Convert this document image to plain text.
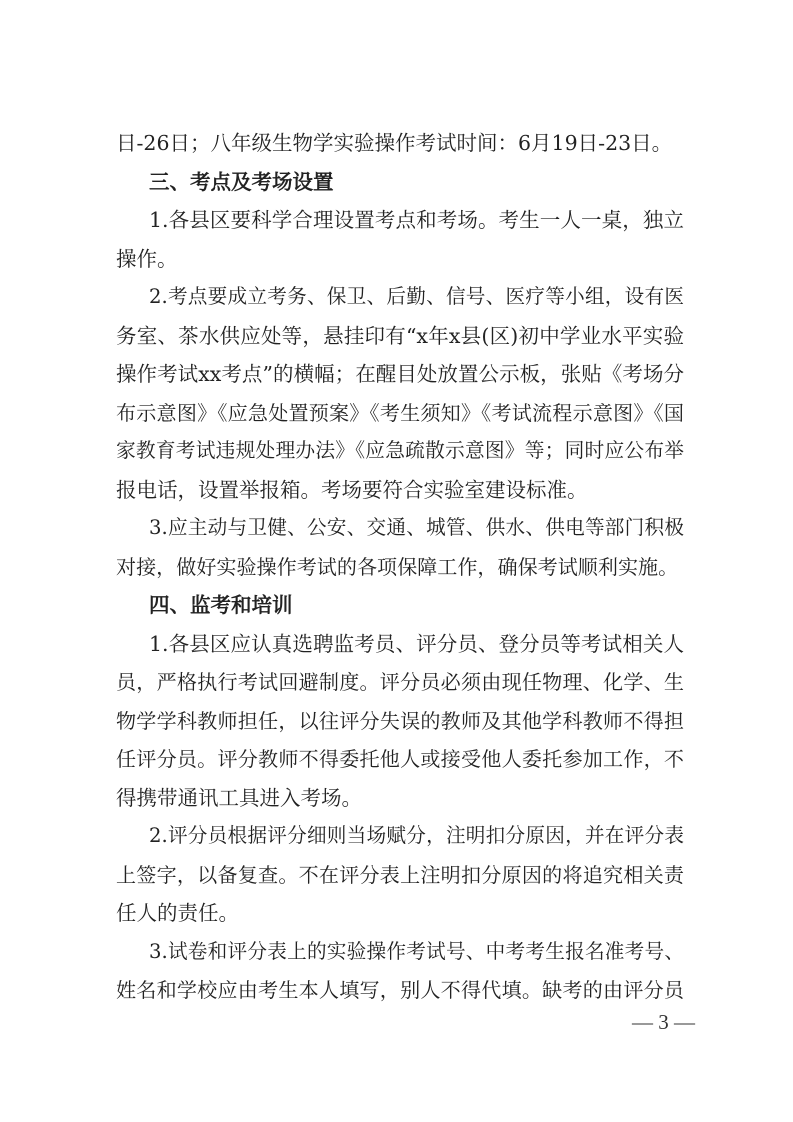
日-26日；八年级生物学实验操作考试时间：6月19日-23日。
三、考点及考场设置
1.各县区要科学合理设置考点和考场。考生一人一桌，独立
操作。
2.考点要成立考务、保卫、后勤、信号、医疗等小组，设有医
务室、茶水供应处等，悬挂印有“x年x县(区)初中学业水平实验
操作考试xx考点”的横幅；在醒目处放置公示板，张贴《考场分
布示意图》《应急处置预案》《考生须知》《考试流程示意图》《国
家教育考试违规处理办法》《应急疏散示意图》等；同时应公布举
报电话，设置举报箱。考场要符合实验室建设标准。
3.应主动与卫健、公安、交通、城管、供水、供电等部门积极
对接，做好实验操作考试的各项保障工作，确保考试顺利实施。
四、监考和培训
1.各县区应认真选聘监考员、评分员、登分员等考试相关人
员，严格执行考试回避制度。评分员必须由现任物理、化学、生
物学学科教师担任，以往评分失误的教师及其他学科教师不得担
任评分员。评分教师不得委托他人或接受他人委托参加工作，不
得携带通讯工具进入考场。
2.评分员根据评分细则当场赋分，注明扣分原因，并在评分表
上签字，以备复查。不在评分表上注明扣分原因的将追究相关责
任人的责任。
3.试卷和评分表上的实验操作考试号、中考考生报名准考号、
姓名和学校应由考生本人填写，别人不得代填。缺考的由评分员
— 3 —
